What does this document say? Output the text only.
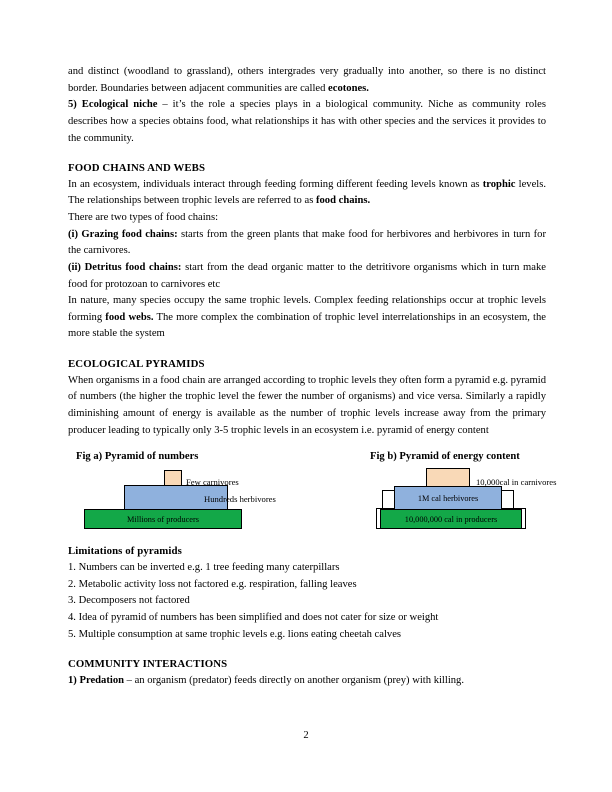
and distinct (woodland to grassland), others intergrades very gradually into another, so there is no distinct border. Boundaries between adjacent communities are called ecotones.

5) Ecological niche – it’s the role a species plays in a biological community. Niche as community roles describes how a species obtains food, what relationships it has with other species and the services it provides to the community.

FOOD CHAINS AND WEBS

In an ecosystem, individuals interact through feeding forming different feeding levels known as trophic levels. The relationships between trophic levels are referred to as food chains.

There are two types of food chains:

(i) Grazing food chains: starts from the green plants that make food for herbivores and herbivores in turn for the carnivores.

(ii) Detritus food chains: start from the dead organic matter to the detritivore organisms which in turn make food for protozoan to carnivores etc

In nature, many species occupy the same trophic levels. Complex feeding relationships occur at trophic levels forming food webs. The more complex the combination of trophic level interrelationships in an ecosystem, the more stable the system

ECOLOGICAL PYRAMIDS

When organisms in a food chain are arranged according to trophic levels they often form a pyramid e.g. pyramid of numbers (the higher the trophic level the fewer the number of organisms) and vice versa. Similarly a rapidly diminishing amount of energy is available as the number of trophic levels increase away from the primary producer leading to typically only 3-5 trophic levels in an ecosystem i.e. pyramid of energy content

Fig a) Pyramid of numbers
Millions of producers
Few carnivores
Hundreds herbivores
Fig b) Pyramid of energy content
1M cal herbivores
10,000,000 cal in producers
10,000cal in carnivores
Limitations of pyramids
1. Numbers can be inverted e.g. 1 tree feeding many caterpillars
2. Metabolic activity loss not factored e.g. respiration, falling leaves
3. Decomposers not factored
4. Idea of pyramid of numbers has been simplified and does not cater for size or weight
5. Multiple consumption at same trophic levels e.g. lions eating cheetah calves
COMMUNITY INTERACTIONS

1) Predation – an organism (predator) feeds directly on another organism (prey) with killing.

2
